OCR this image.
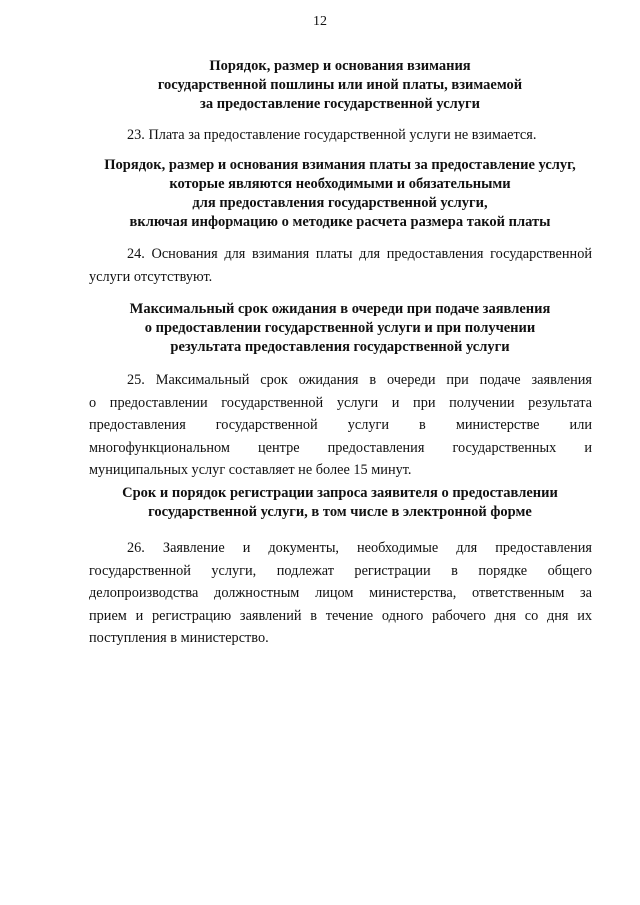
12
Порядок, размер и основания взимания
государственной пошлины или иной платы, взимаемой
за предоставление государственной услуги
23. Плата за предоставление государственной услуги не взимается.
Порядок, размер и основания взимания платы за предоставление услуг,
которые являются необходимыми и обязательными
для предоставления государственной услуги,
включая информацию о методике расчета размера такой платы
24. Основания для взимания платы для предоставления государственной
услуги отсутствуют.
Максимальный срок ожидания в очереди при подаче заявления
о предоставлении государственной услуги и при получении
результата предоставления государственной услуги
25. Максимальный срок ожидания в очереди при подаче заявления
о предоставлении государственной услуги и при получении результата
предоставления государственной услуги в министерстве или
многофункциональном центре предоставления государственных и
муниципальных услуг составляет не более 15 минут.
Срок и порядок регистрации запроса заявителя о предоставлении
государственной услуги, в том числе в электронной форме
26. Заявление и документы, необходимые для предоставления
государственной услуги, подлежат регистрации в порядке общего
делопроизводства должностным лицом министерства, ответственным за
прием и регистрацию заявлений в течение одного рабочего дня со дня их
поступления в министерство.
